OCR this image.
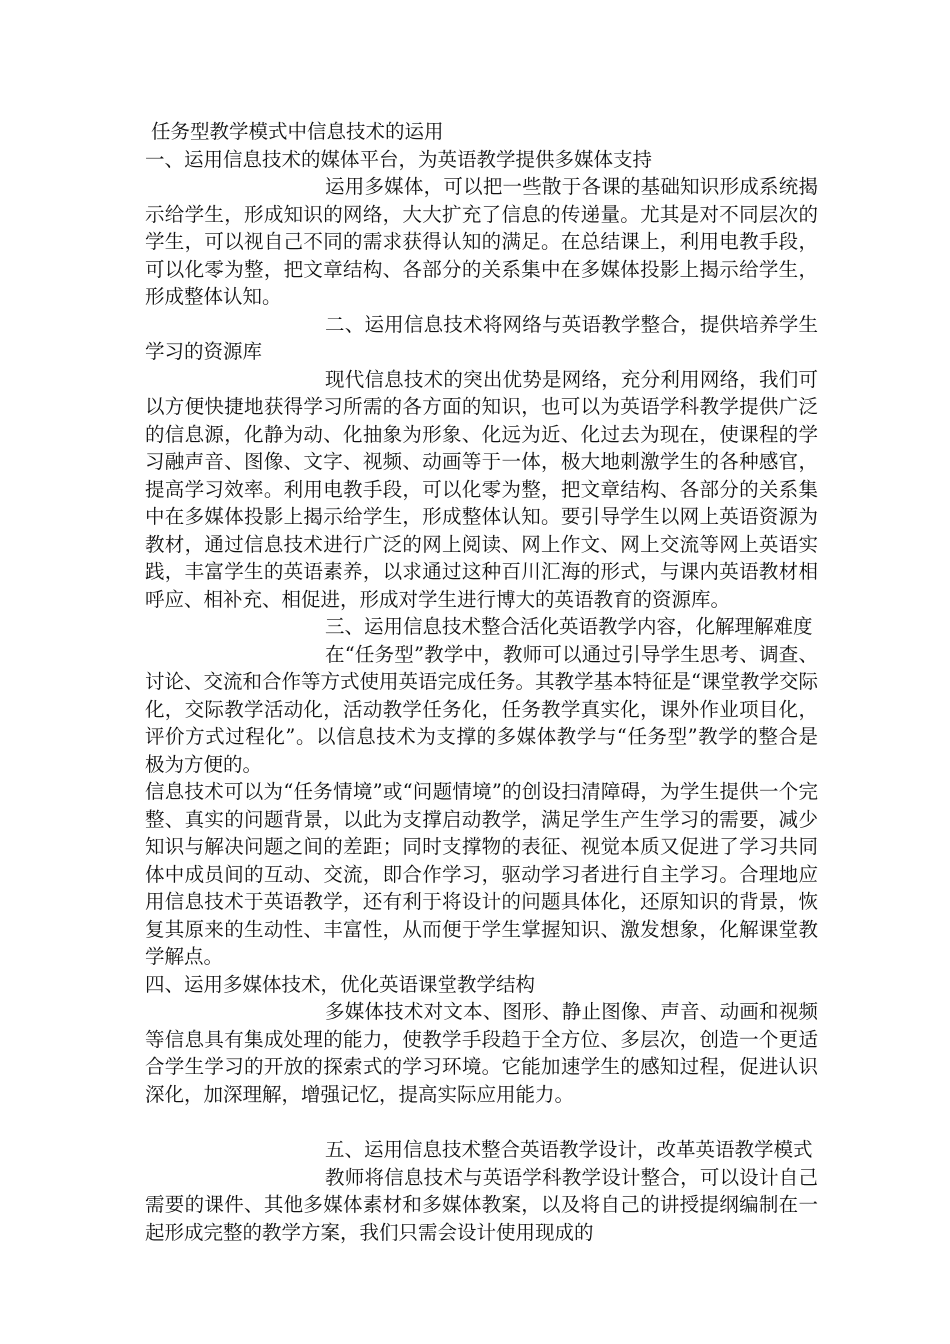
任务型教学模式中信息技术的运用

一、运用信息技术的媒体平台，为英语教学提供多媒体支持

运用多媒体，可以把一些散于各课的基础知识形成系统揭示给学生，形成知识的网络，大大扩充了信息的传递量。尤其是对不同层次的学生，可以视自己不同的需求获得认知的满足。在总结课上，利用电教手段，可以化零为整，把文章结构、各部分的关系集中在多媒体投影上揭示给学生，形成整体认知。

二、运用信息技术将网络与英语教学整合，提供培养学生学习的资源库

现代信息技术的突出优势是网络，充分利用网络，我们可以方便快捷地获得学习所需的各方面的知识，也可以为英语学科教学提供广泛的信息源，化静为动、化抽象为形象、化远为近、化过去为现在，使课程的学习融声音、图像、文字、视频、动画等于一体，极大地刺激学生的各种感官，提高学习效率。利用电教手段，可以化零为整，把文章结构、各部分的关系集中在多媒体投影上揭示给学生，形成整体认知。要引导学生以网上英语资源为教材，通过信息技术进行广泛的网上阅读、网上作文、网上交流等网上英语实践，丰富学生的英语素养，以求通过这种百川汇海的形式，与课内英语教材相呼应、相补充、相促进，形成对学生进行博大的英语教育的资源库。

三、运用信息技术整合活化英语教学内容，化解理解难度

在“任务型”教学中，教师可以通过引导学生思考、调查、讨论、交流和合作等方式使用英语完成任务。其教学基本特征是“课堂教学交际化，交际教学活动化，活动教学任务化，任务教学真实化，课外作业项目化，评价方式过程化”。以信息技术为支撑的多媒体教学与“任务型”教学的整合是极为方便的。

信息技术可以为“任务情境”或“问题情境”的创设扫清障碍，为学生提供一个完整、真实的问题背景，以此为支撑启动教学，满足学生产生学习的需要，减少知识与解决问题之间的差距；同时支撑物的表征、视觉本质又促进了学习共同体中成员间的互动、交流，即合作学习，驱动学习者进行自主学习。合理地应用信息技术于英语教学，还有利于将设计的问题具体化，还原知识的背景，恢复其原来的生动性、丰富性，从而便于学生掌握知识、激发想象，化解课堂教学解点。

四、运用多媒体技术，优化英语课堂教学结构

多媒体技术对文本、图形、静止图像、声音、动画和视频等信息具有集成处理的能力，使教学手段趋于全方位、多层次，创造一个更适合学生学习的开放的探索式的学习环境。它能加速学生的感知过程，促进认识深化，加深理解，增强记忆，提高实际应用能力。

五、运用信息技术整合英语教学设计，改革英语教学模式

教师将信息技术与英语学科教学设计整合，可以设计自己需要的课件、其他多媒体素材和多媒体教案，以及将自己的讲授提纲编制在一起形成完整的教学方案，我们只需会设计使用现成的
